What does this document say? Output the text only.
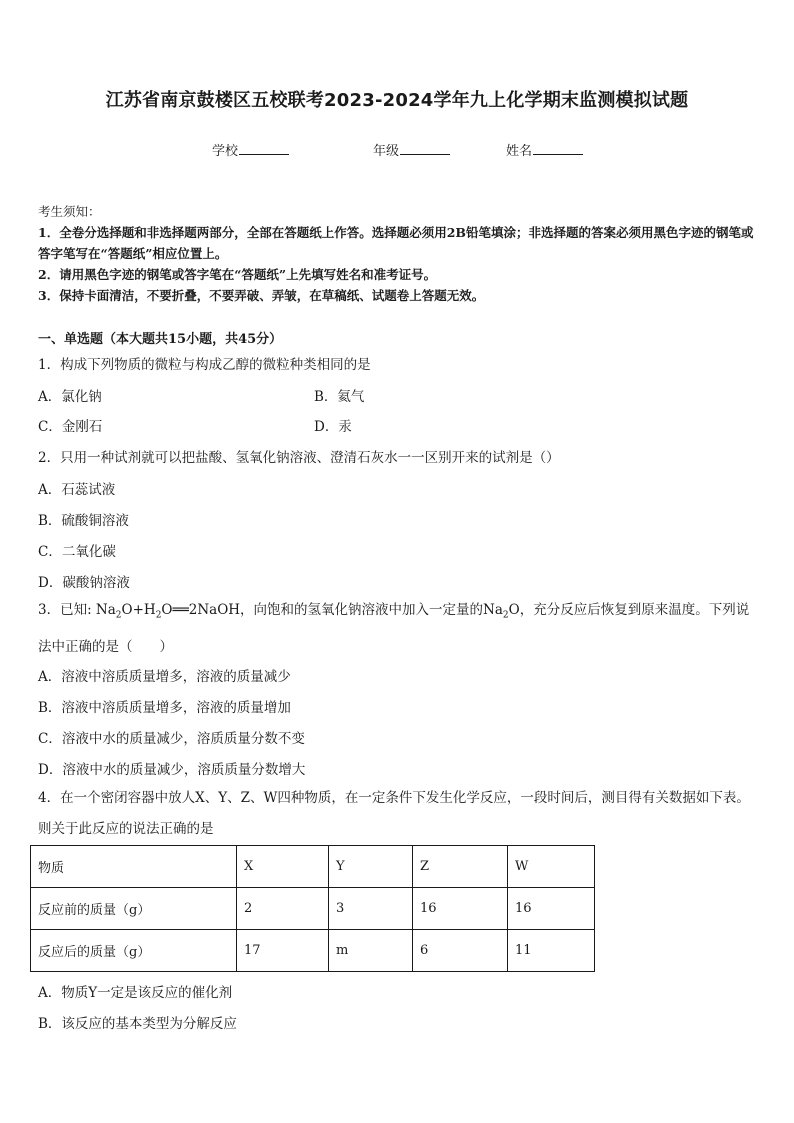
江苏省南京鼓楼区五校联考2023-2024学年九上化学期末监测模拟试题
学校	年级	姓名

考生须知：

1．全卷分选择题和非选择题两部分，全部在答题纸上作答。选择题必须用2B铅笔填涂；非选择题的答案必须用黑色字迹的钢笔或答字笔写在“答题纸”相应位置上。

2．请用黑色字迹的钢笔或答字笔在“答题纸”上先填写姓名和准考证号。

3．保持卡面清洁，不要折叠，不要弄破、弄皱，在草稿纸、试题卷上答题无效。

一、单选题（本大题共15小题，共45分）
1．构成下列物质的微粒与构成乙醇的微粒种类相同的是
A．氯化钠	B．氦气
C．金刚石	D．汞
2．只用一种试剂就可以把盐酸、氢氧化钠溶液、澄清石灰水一一区别开来的试剂是（）
A．石蕊试液
B．硫酸铜溶液
C．二氧化碳
D．碳酸钠溶液
3．已知: $Na_2O+H_2O══2NaOH$，向饱和的氢氧化钠溶液中加入一定量的$Na_2O$，充分反应后恢复到原来温度。下列说法中正确的是（　　）
A．溶液中溶质质量增多，溶液的质量减少
B．溶液中溶质质量增多，溶液的质量增加
C．溶液中水的质量减少，溶质质量分数不变
D．溶液中水的质量减少，溶质质量分数增大
4．在一个密闭容器中放人X、Y、Z、W四种物质，在一定条件下发生化学反应，一段时间后，测目得有关数据如下表。则关于此反应的说法正确的是
物质	X	Y	Z	W
反应前的质量（g）	2	3	16	16
反应后的质量（g）	17	m	6	11
A．物质Y一定是该反应的催化剂
B．该反应的基本类型为分解反应
